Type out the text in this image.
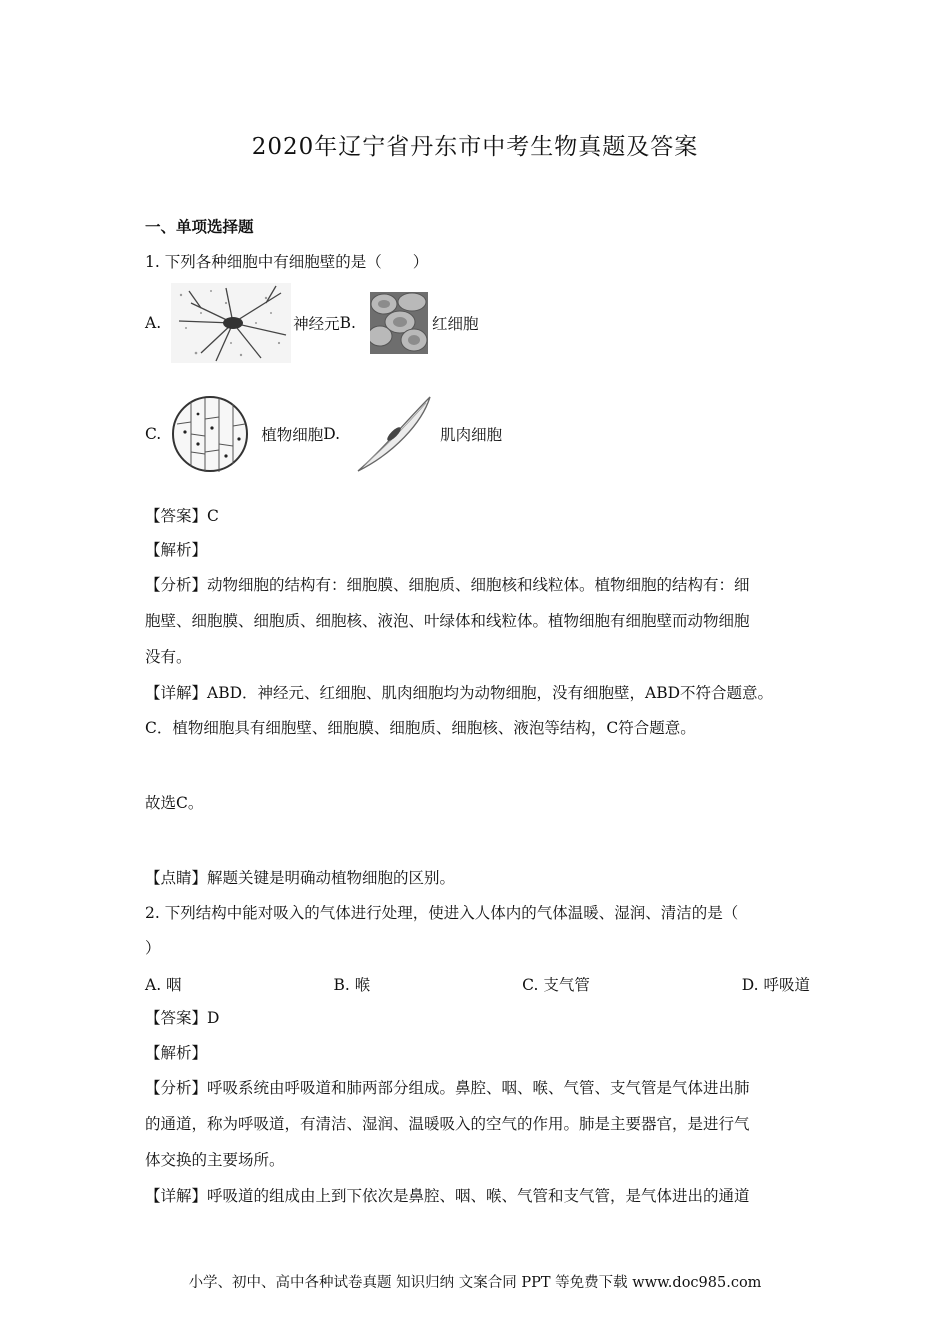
2020年辽宁省丹东市中考生物真题及答案
一、单项选择题
1. 下列各种细胞中有细胞壁的是（　　）
A.	神经元 B.	红细胞
C.	植物细胞 D.	肌肉细胞
【答案】C
【解析】
【分析】动物细胞的结构有：细胞膜、细胞质、细胞核和线粒体。植物细胞的结构有：细
胞壁、细胞膜、细胞质、细胞核、液泡、叶绿体和线粒体。植物细胞有细胞壁而动物细胞
没有。
【详解】ABD．神经元、红细胞、肌肉细胞均为动物细胞，没有细胞壁，ABD不符合题意。
C．植物细胞具有细胞壁、细胞膜、细胞质、细胞核、液泡等结构，C符合题意。
故选C。
【点睛】解题关键是明确动植物细胞的区别。
2. 下列结构中能对吸入的气体进行处理，使进入人体内的气体温暖、湿润、清洁的是（
）
A. 咽	B. 喉	C. 支气管	D. 呼吸道
【答案】D
【解析】
【分析】呼吸系统由呼吸道和肺两部分组成。鼻腔、咽、喉、气管、支气管是气体进出肺
的通道，称为呼吸道，有清洁、湿润、温暖吸入的空气的作用。肺是主要器官，是进行气
体交换的主要场所。
【详解】呼吸道的组成由上到下依次是鼻腔、咽、喉、气管和支气管，是气体进出的通道
小学、初中、高中各种试卷真题 知识归纳 文案合同 PPT 等免费下载 www.doc985.com
